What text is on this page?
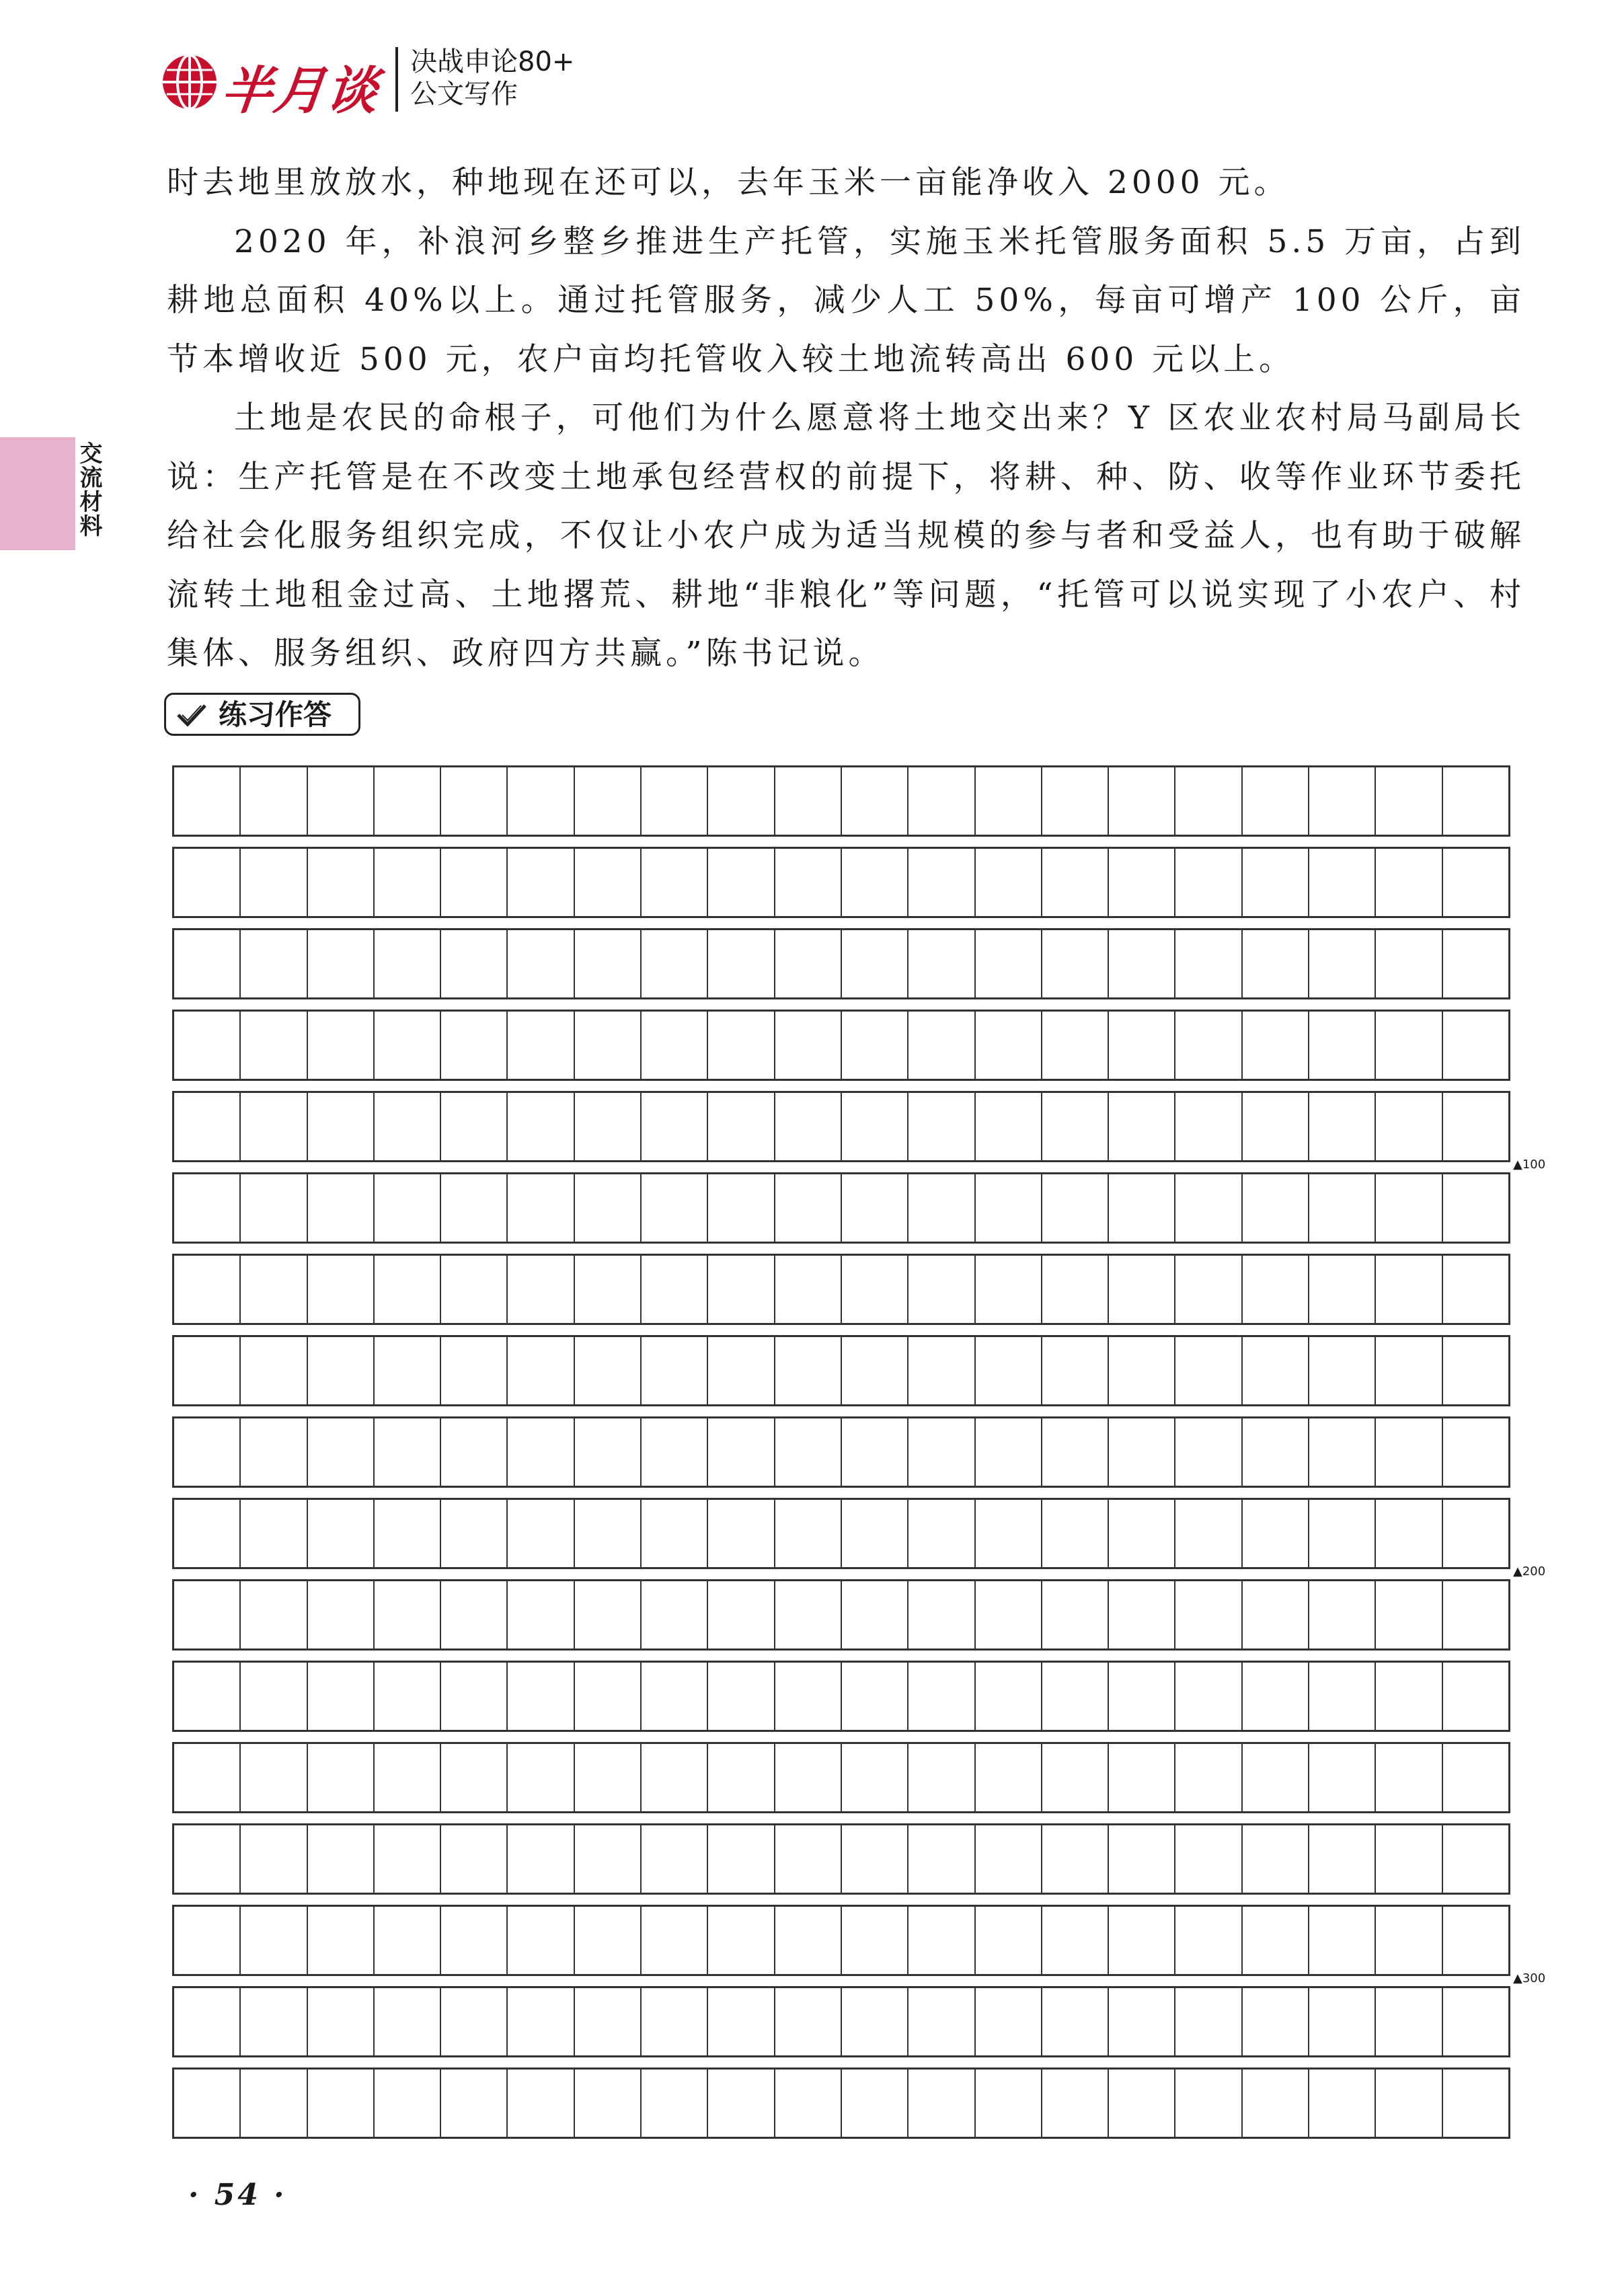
半月谈 决战申论80+
公文写作
交流材料

时去地里放放水，种地现在还可以，去年玉米一亩能净收入 2000 元。

2020 年，补浪河乡整乡推进生产托管，实施玉米托管服务面积 5.5 万亩，占到耕地总面积 40%以上。通过托管服务，减少人工 50%，每亩可增产 100 公斤，亩节本增收近 500 元，农户亩均托管收入较土地流转高出 600 元以上。

土地是农民的命根子，可他们为什么愿意将土地交出来？Y 区农业农村局马副局长说：生产托管是在不改变土地承包经营权的前提下，将耕、种、防、收等作业环节委托给社会化服务组织完成，不仅让小农户成为适当规模的参与者和受益人，也有助于破解流转土地租金过高、土地撂荒、耕地“非粮化”等问题，“托管可以说实现了小农户、村集体、服务组织、政府四方共赢。”陈书记说。

练习作答
▲100
▲200
▲300
· 54 ·
